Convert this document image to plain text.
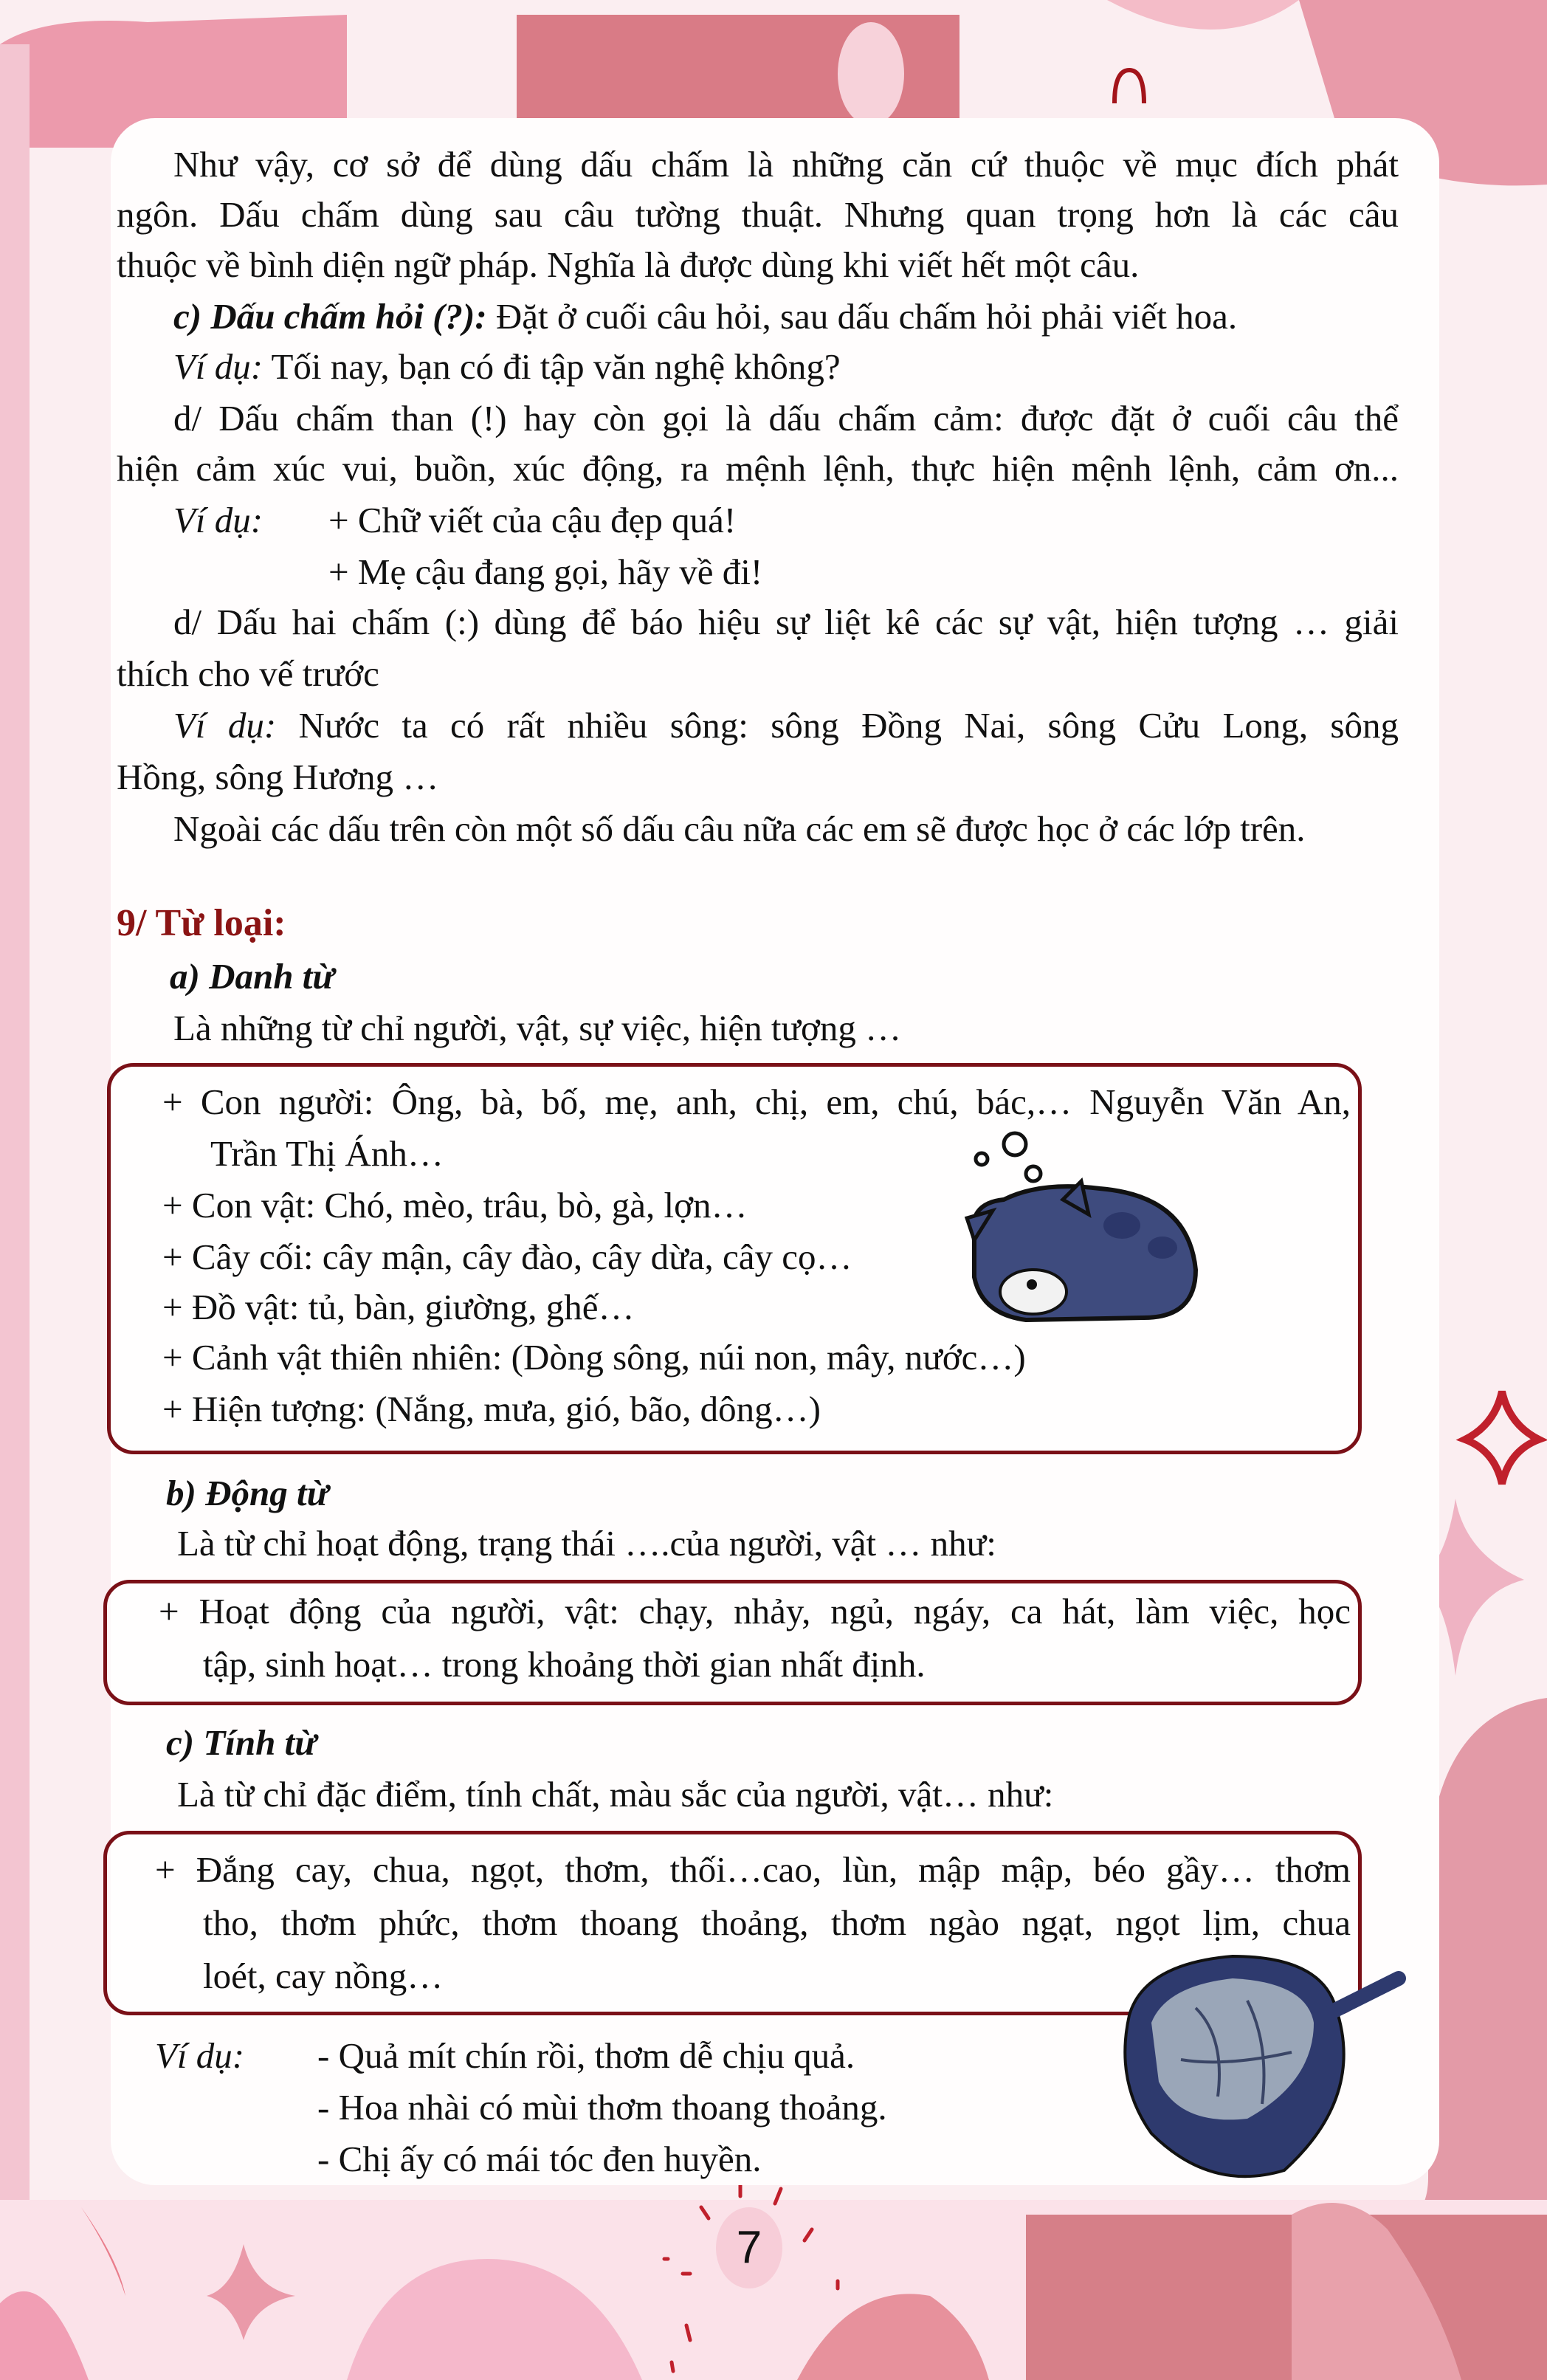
Như vậy, cơ sở để dùng dấu chấm là những căn cứ thuộc về mục đích phát
ngôn. Dấu chấm dùng sau câu tường thuật. Nhưng quan trọng hơn là các câu
thuộc về bình diện ngữ pháp. Nghĩa là được dùng khi viết hết một câu.
c) Dấu chấm hỏi (?): Đặt ở cuối câu hỏi, sau dấu chấm hỏi phải viết hoa.
Ví dụ: Tối nay, bạn có đi tập văn nghệ không?
d/ Dấu chấm than (!) hay còn gọi là dấu chấm cảm: được đặt ở cuối câu thể
hiện cảm xúc vui, buồn, xúc động, ra mệnh lệnh, thực hiện mệnh lệnh, cảm ơn...
Ví dụ: + Chữ viết của cậu đẹp quá!
+ Mẹ cậu đang gọi, hãy về đi!
d/ Dấu hai chấm (:) dùng để báo hiệu sự liệt kê các sự vật, hiện tượng … giải
thích cho vế trước
Ví dụ: Nước ta có rất nhiều sông: sông Đồng Nai, sông Cửu Long, sông
Hồng, sông Hương …
Ngoài các dấu trên còn một số dấu câu nữa các em sẽ được học ở các lớp trên.
9/ Từ loại:
a) Danh từ
Là những từ chỉ người, vật, sự việc, hiện tượng …
+ Con người: Ông, bà, bố, mẹ, anh, chị, em, chú, bác,… Nguyễn Văn An,
Trần Thị Ánh…
+ Con vật: Chó, mèo, trâu, bò, gà, lợn…
+ Cây cối: cây mận, cây đào, cây dừa, cây cọ…
+ Đồ vật: tủ, bàn, giường, ghế…
+ Cảnh vật thiên nhiên: (Dòng sông, núi non, mây, nước…)
+ Hiện tượng: (Nắng, mưa, gió, bão, dông…)
b) Động từ
Là từ chỉ hoạt động, trạng thái ….của người, vật … như:
+ Hoạt động của người, vật: chạy, nhảy, ngủ, ngáy, ca hát, làm việc, học
tập, sinh hoạt… trong khoảng thời gian nhất định.
c) Tính từ
Là từ chỉ đặc điểm, tính chất, màu sắc của người, vật… như:
+ Đắng cay, chua, ngọt, thơm, thối…cao, lùn, mập mập, béo gầy… thơm
tho, thơm phức, thơm thoang thoảng, thơm ngào ngạt, ngọt lịm, chua
loét, cay nồng…
Ví dụ: - Quả mít chín rồi, thơm dễ chịu quả.
- Hoa nhài có mùi thơm thoang thoảng.
- Chị ấy có mái tóc đen huyền.
7
